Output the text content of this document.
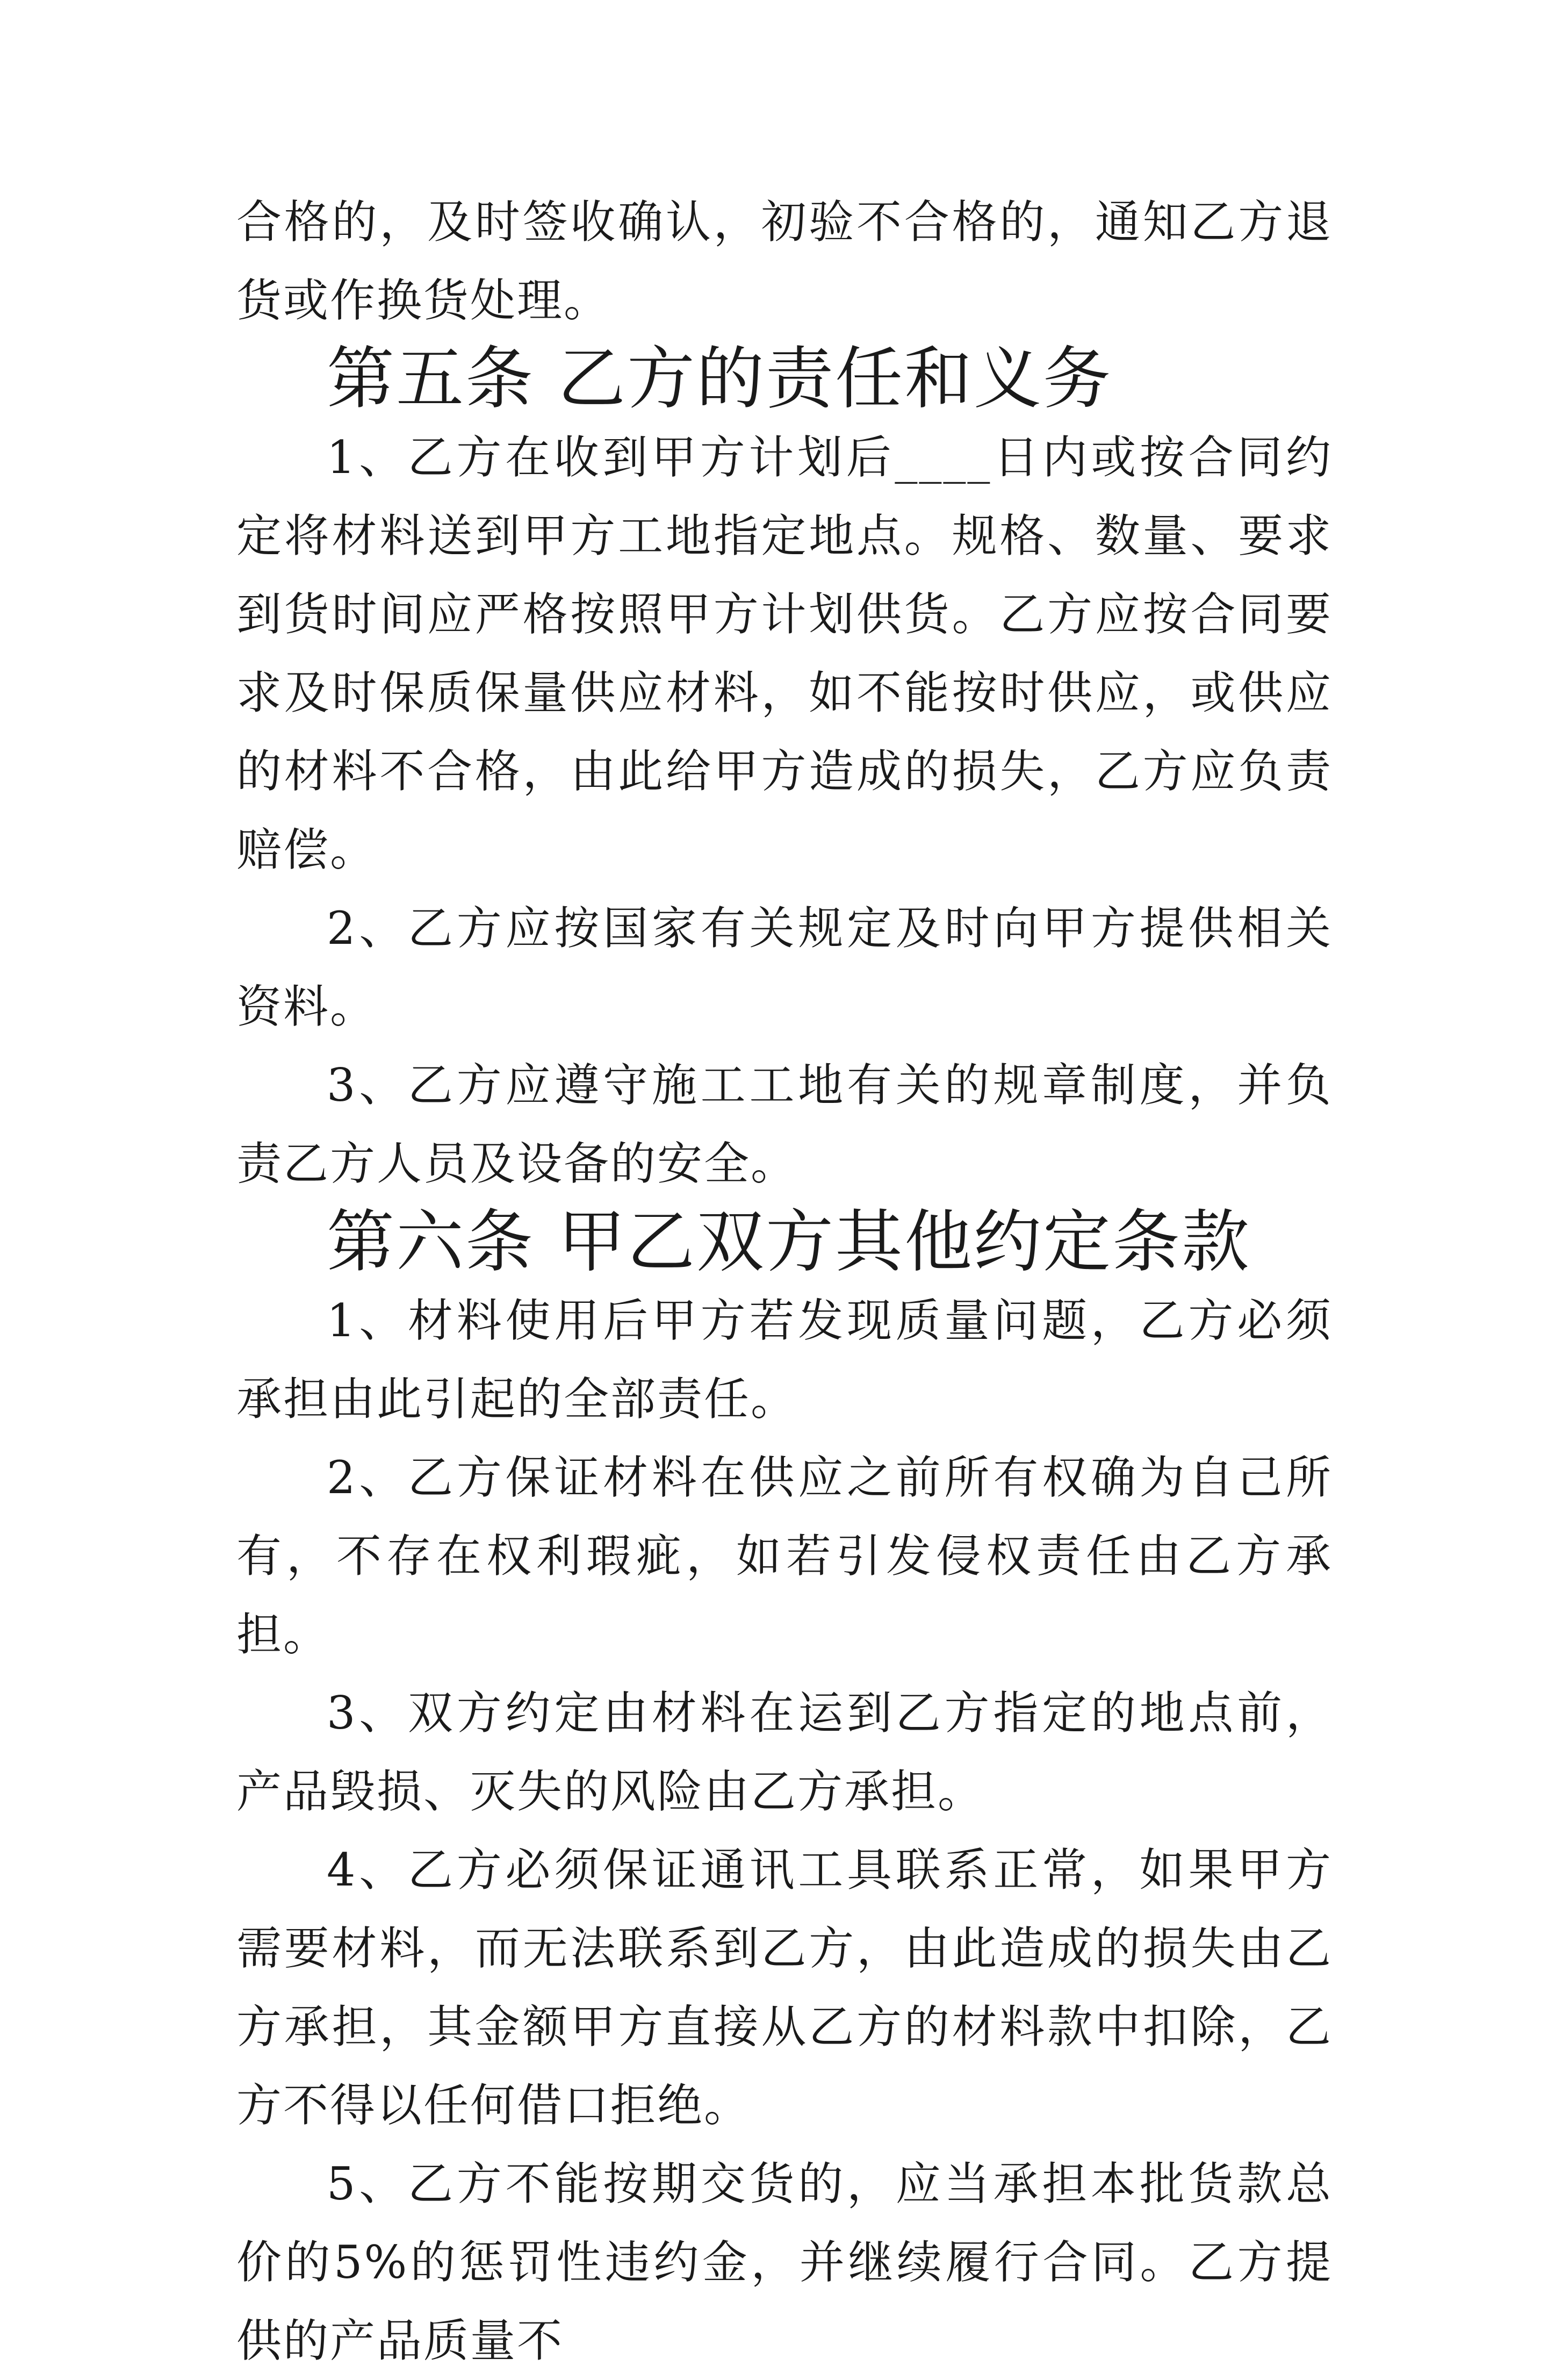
合格的，及时签收确认，初验不合格的，通知乙方退货或作换货处理。

第五条 乙方的责任和义务

1、乙方在收到甲方计划后____日内或按合同约定将材料送到甲方工地指定地点。规格、数量、要求到货时间应严格按照甲方计划供货。乙方应按合同要求及时保质保量供应材料，如不能按时供应，或供应的材料不合格，由此给甲方造成的损失，乙方应负责赔偿。

2、乙方应按国家有关规定及时向甲方提供相关资料。

3、乙方应遵守施工工地有关的规章制度，并负责乙方人员及设备的安全。

第六条 甲乙双方其他约定条款

1、材料使用后甲方若发现质量问题，乙方必须承担由此引起的全部责任。

2、乙方保证材料在供应之前所有权确为自己所有，不存在权利瑕疵，如若引发侵权责任由乙方承担。

3、双方约定由材料在运到乙方指定的地点前，产品毁损、灭失的风险由乙方承担。

4、乙方必须保证通讯工具联系正常，如果甲方需要材料，而无法联系到乙方，由此造成的损失由乙方承担，其金额甲方直接从乙方的材料款中扣除，乙方不得以任何借口拒绝。

5、乙方不能按期交货的，应当承担本批货款总价的5%的惩罚性违约金，并继续履行合同。乙方提供的产品质量不
